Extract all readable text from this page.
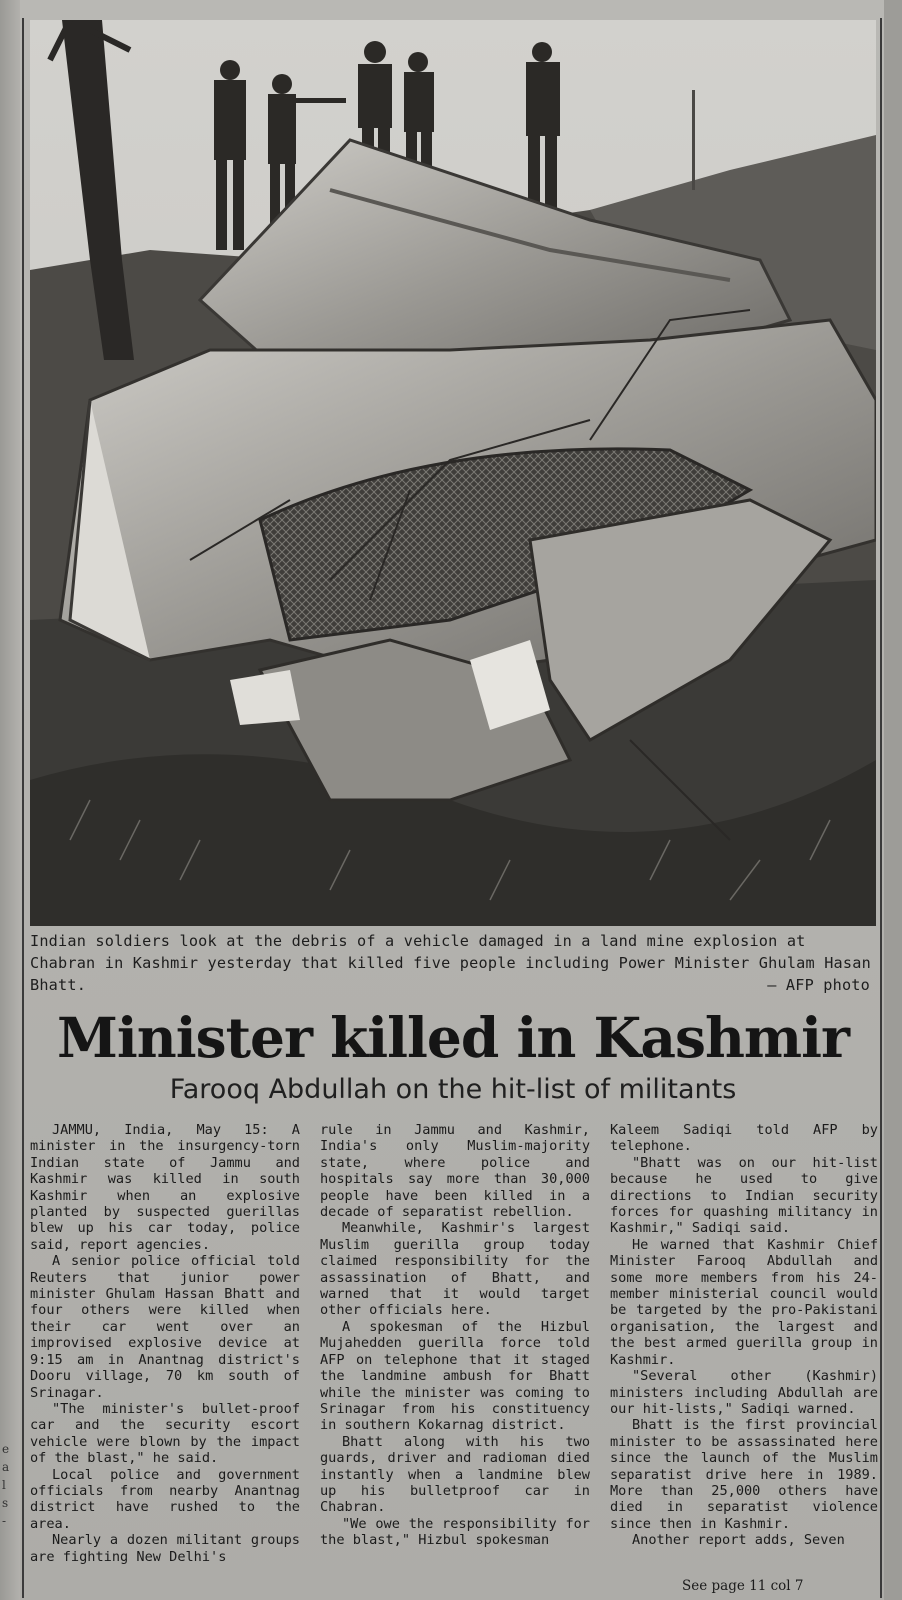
Indian soldiers look at the debris of a vehicle damaged in a land mine explosion at Chabran in Kashmir yesterday that killed five people including Power Minister Ghulam Hasan Bhatt.	— AFP photo
Minister killed in Kashmir
Farooq Abdullah on the hit-list of militants

JAMMU, India, May 15: A minister in the insurgency-torn Indian state of Jammu and Kashmir was killed in south Kashmir when an explosive planted by suspected guerillas blew up his car today, police said, report agencies.

A senior police official told Reuters that junior power minister Ghulam Hassan Bhatt and four others were killed when their car went over an improvised explosive device at 9:15 am in Anantnag district's Dooru village, 70 km south of Srinagar.

"The minister's bullet-proof car and the security escort vehicle were blown by the impact of the blast," he said.

Local police and government officials from nearby Anantnag district have rushed to the area.

Nearly a dozen militant groups are fighting New Delhi's

rule in Jammu and Kashmir, India's only Muslim-majority state, where police and hospitals say more than 30,000 people have been killed in a decade of separatist rebellion.

Meanwhile, Kashmir's largest Muslim guerilla group today claimed responsibility for the assassination of Bhatt, and warned that it would target other officials here.

A spokesman of the Hizbul Mujahedden guerilla force told AFP on telephone that it staged the landmine ambush for Bhatt while the minister was coming to Srinagar from his constituency in southern Kokarnag district.

Bhatt along with his two guards, driver and radioman died instantly when a landmine blew up his bulletproof car in Chabran.

"We owe the responsibility for the blast," Hizbul spokesman

Kaleem Sadiqi told AFP by telephone.

"Bhatt was on our hit-list because he used to give directions to Indian security forces for quashing militancy in Kashmir," Sadiqi said.

He warned that Kashmir Chief Minister Farooq Abdullah and some more members from his 24-member ministerial council would be targeted by the pro-Pakistani organisation, the largest and the best armed guerilla group in Kashmir.

"Several other (Kashmir) ministers including Abdullah are our hit-lists," Sadiqi warned.

Bhatt is the first provincial minister to be assassinated here since the launch of the Muslim separatist drive here in 1989. More than 25,000 others have died in separatist violence since then in Kashmir.

Another report adds, Seven

See page 11 col 7
e
a
l
s
-
